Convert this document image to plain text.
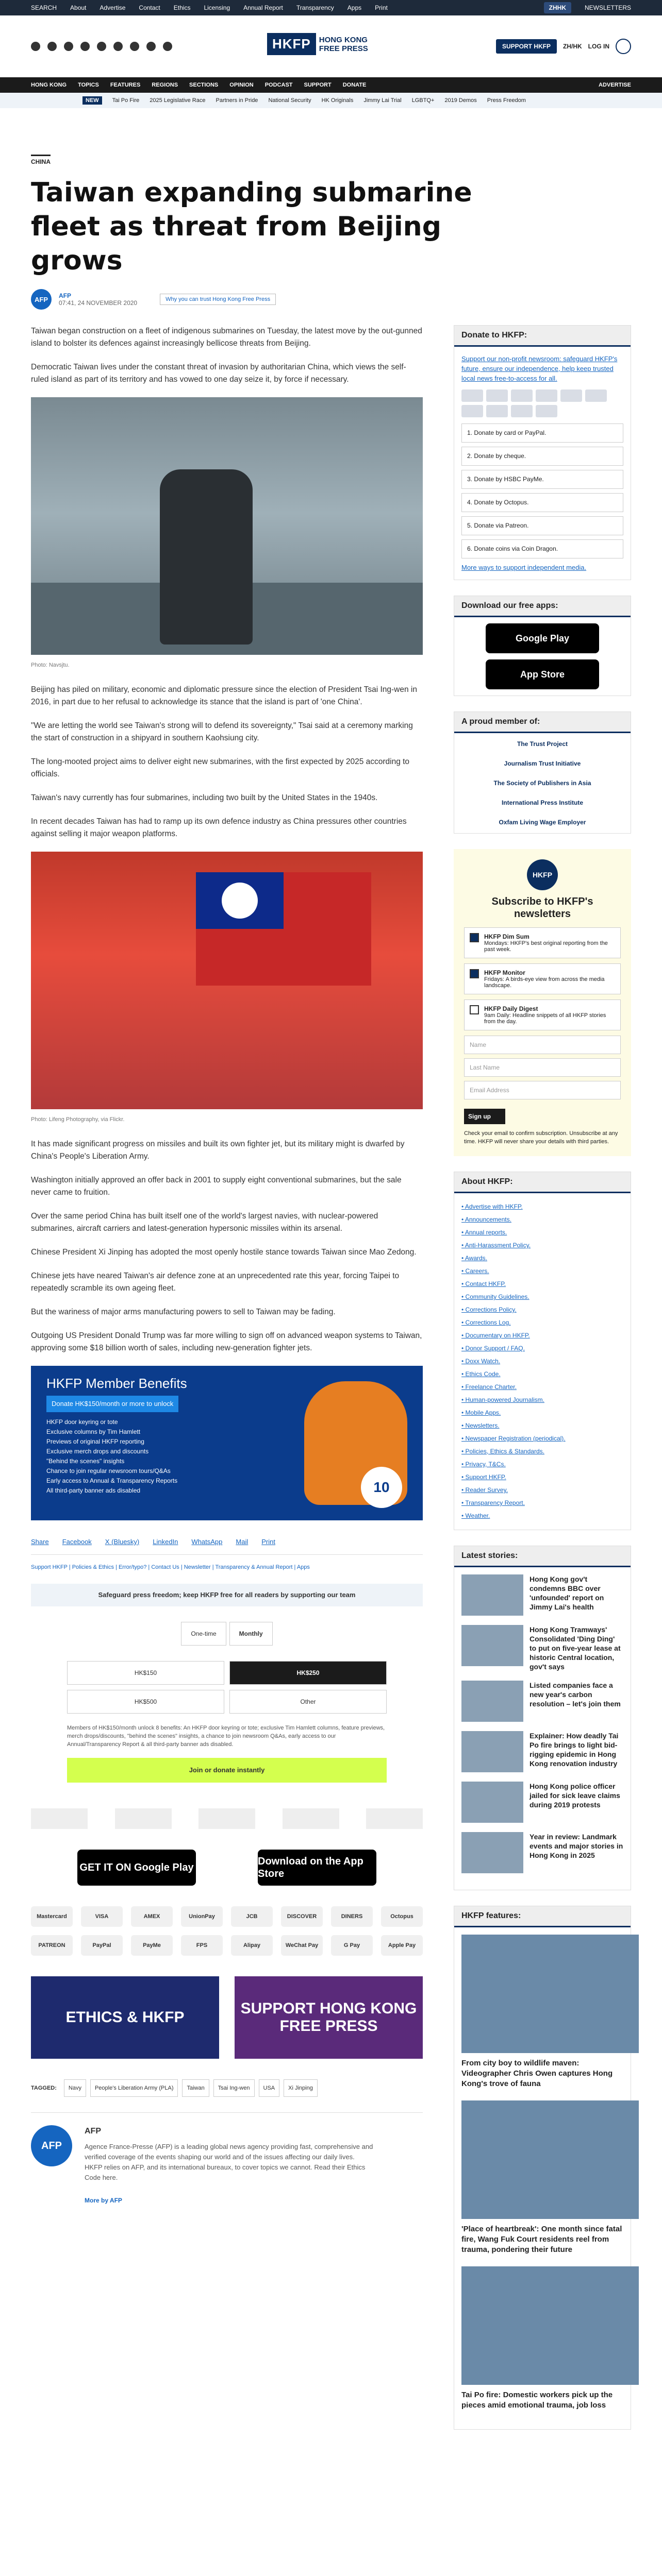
SEARCH About Advertise Contact Ethics Licensing Annual Report Transparency Apps Print	ZHHK	NEWSLETTERS
HKFP	HONG KONG
FREE PRESS	SUPPORT HKFP	ZH/HK LOG IN
HONG KONG TOPICS FEATURES REGIONS SECTIONS OPINION PODCAST SUPPORT DONATE	ADVERTISE
NEW	Tai Po Fire 2025 Legislative Race Partners in Pride National Security HK Originals Jimmy Lai Trial LGBTQ+ 2019 Demos Press Freedom
CHINA
Taiwan expanding submarine fleet as threat from Beijing grows
AFP	AFP
07:41, 24 NOVEMBER 2020	Why you can trust Hong Kong Free Press

Taiwan began construction on a fleet of indigenous submarines on Tuesday, the latest move by the out-gunned island to bolster its defences against increasingly bellicose threats from Beijing.

Democratic Taiwan lives under the constant threat of invasion by authoritarian China, which views the self-ruled island as part of its territory and has vowed to one day seize it, by force if necessary.

Photo: Navsjtu.

Beijing has piled on military, economic and diplomatic pressure since the election of President Tsai Ing-wen in 2016, in part due to her refusal to acknowledge its stance that the island is part of 'one China'.

"We are letting the world see Taiwan's strong will to defend its sovereignty," Tsai said at a ceremony marking the start of construction in a shipyard in southern Kaohsiung city.

The long-mooted project aims to deliver eight new submarines, with the first expected by 2025 according to officials.

Taiwan's navy currently has four submarines, including two built by the United States in the 1940s.

In recent decades Taiwan has had to ramp up its own defence industry as China pressures other countries against selling it major weapon platforms.

Photo: Lifeng Photography, via Flickr.

It has made significant progress on missiles and built its own fighter jet, but its military might is dwarfed by China's People's Liberation Army.

Washington initially approved an offer back in 2001 to supply eight conventional submarines, but the sale never came to fruition.

Over the same period China has built itself one of the world's largest navies, with nuclear-powered submarines, aircraft carriers and latest-generation hypersonic missiles within its arsenal.

Chinese President Xi Jinping has adopted the most openly hostile stance towards Taiwan since Mao Zedong.

Chinese jets have neared Taiwan's air defence zone at an unprecedented rate this year, forcing Taipei to repeatedly scramble its own ageing fleet.

But the wariness of major arms manufacturing powers to sell to Taiwan may be fading.

Outgoing US President Donald Trump was far more willing to sign off on advanced weapon systems to Taiwan, approving some $18 billion worth of sales, including new-generation fighter jets.

HKFP Member Benefits
Donate HK$150/month or more to unlock
HKFP door keyring or tote
Exclusive columns by Tim Hamlett
Previews of original HKFP reporting
Exclusive merch drops and discounts
"Behind the scenes" insights
Chance to join regular newsroom tours/Q&As
Early access to Annual & Transparency Reports
All third-party banner ads disabled	10
Share Facebook X (Bluesky) LinkedIn WhatsApp Mail Print
Support HKFP | Policies & Ethics | Error/typo? | Contact Us | Newsletter | Transparency & Annual Report | Apps
Safeguard press freedom; keep HKFP free for all readers by supporting our team
One-time	Monthly
HK$150	HK$250
HK$500	Other
Members of HK$150/month unlock 8 benefits: An HKFP door keyring or tote; exclusive Tim Hamlett columns, feature previews, merch drops/discounts, "behind the scenes" insights, a chance to join newsroom Q&As, early access to our Annual/Transparency Report & all third-party banner ads disabled.
Join or donate instantly
GET IT ON Google Play
Download on the App Store
Mastercard	VISA	AMEX	UnionPay	JCB	DISCOVER	DINERS	Octopus
PATREON	PayPal	PayMe	FPS	Alipay	WeChat Pay	G Pay	Apple Pay
ETHICS & HKFP
SUPPORT HONG KONG FREE PRESS
TAGGED:	Navy	People's Liberation Army (PLA)	Taiwan	Tsai Ing-wen	USA	Xi Jinping
AFP
AFP

Agence France-Presse (AFP) is a leading global news agency providing fast, comprehensive and verified coverage of the events shaping our world and of the issues affecting our daily lives. HKFP relies on AFP, and its international bureaux, to cover topics we cannot. Read their Ethics Code here.

More by AFP
Donate to HKFP:
Support our non-profit newsroom: safeguard HKFP's future, ensure our independence, help keep trusted local news free-to-access for all.
1. Donate by card or PayPal.
2. Donate by cheque.
3. Donate by HSBC PayMe.
4. Donate by Octopus.
5. Donate via Patreon.
6. Donate coins via Coin Dragon.
More ways to support independent media.
Download our free apps:
Google Play
App Store
A proud member of:
The Trust Project
Journalism Trust Initiative
The Society of Publishers in Asia
International Press Institute
Oxfam Living Wage Employer
HKFP
Subscribe to HKFP's newsletters
HKFP Dim Sum
Mondays: HKFP's best original reporting from the past week.
HKFP Monitor
Fridays: A birds-eye view from across the media landscape.
HKFP Daily Digest
9am Daily: Headline snippets of all HKFP stories from the day.
Name
Last Name
Email Address
Sign up
Check your email to confirm subscription. Unsubscribe at any time. HKFP will never share your details with third parties.
About HKFP:
• Advertise with HKFP.
• Announcements.
• Annual reports.
• Anti-Harassment Policy.
• Awards.
• Careers.
• Contact HKFP.
• Community Guidelines.
• Corrections Policy.
• Corrections Log.
• Documentary on HKFP.
• Donor Support / FAQ.
• Doxx Watch.
• Ethics Code.
• Freelance Charter.
• Human-powered Journalism.
• Mobile Apps.
• Newsletters.
• Newspaper Registration (periodical).
• Policies, Ethics & Standards.
• Privacy, T&Cs.
• Support HKFP.
• Reader Survey.
• Transparency Report.
• Weather.
Latest stories:
Hong Kong gov't condemns BBC over 'unfounded' report on Jimmy Lai's health
Hong Kong Tramways' Consolidated 'Ding Ding' to put on five-year lease at historic Central location, gov't says
Listed companies face a new year's carbon resolution – let's join them
Explainer: How deadly Tai Po fire brings to light bid-rigging epidemic in Hong Kong renovation industry
Hong Kong police officer jailed for sick leave claims during 2019 protests
Year in review: Landmark events and major stories in Hong Kong in 2025
HKFP features:
From city boy to wildlife maven: Videographer Chris Owen captures Hong Kong's trove of fauna
'Place of heartbreak': One month since fatal fire, Wang Fuk Court residents reel from trauma, pondering their future
Tai Po fire: Domestic workers pick up the pieces amid emotional trauma, job loss
